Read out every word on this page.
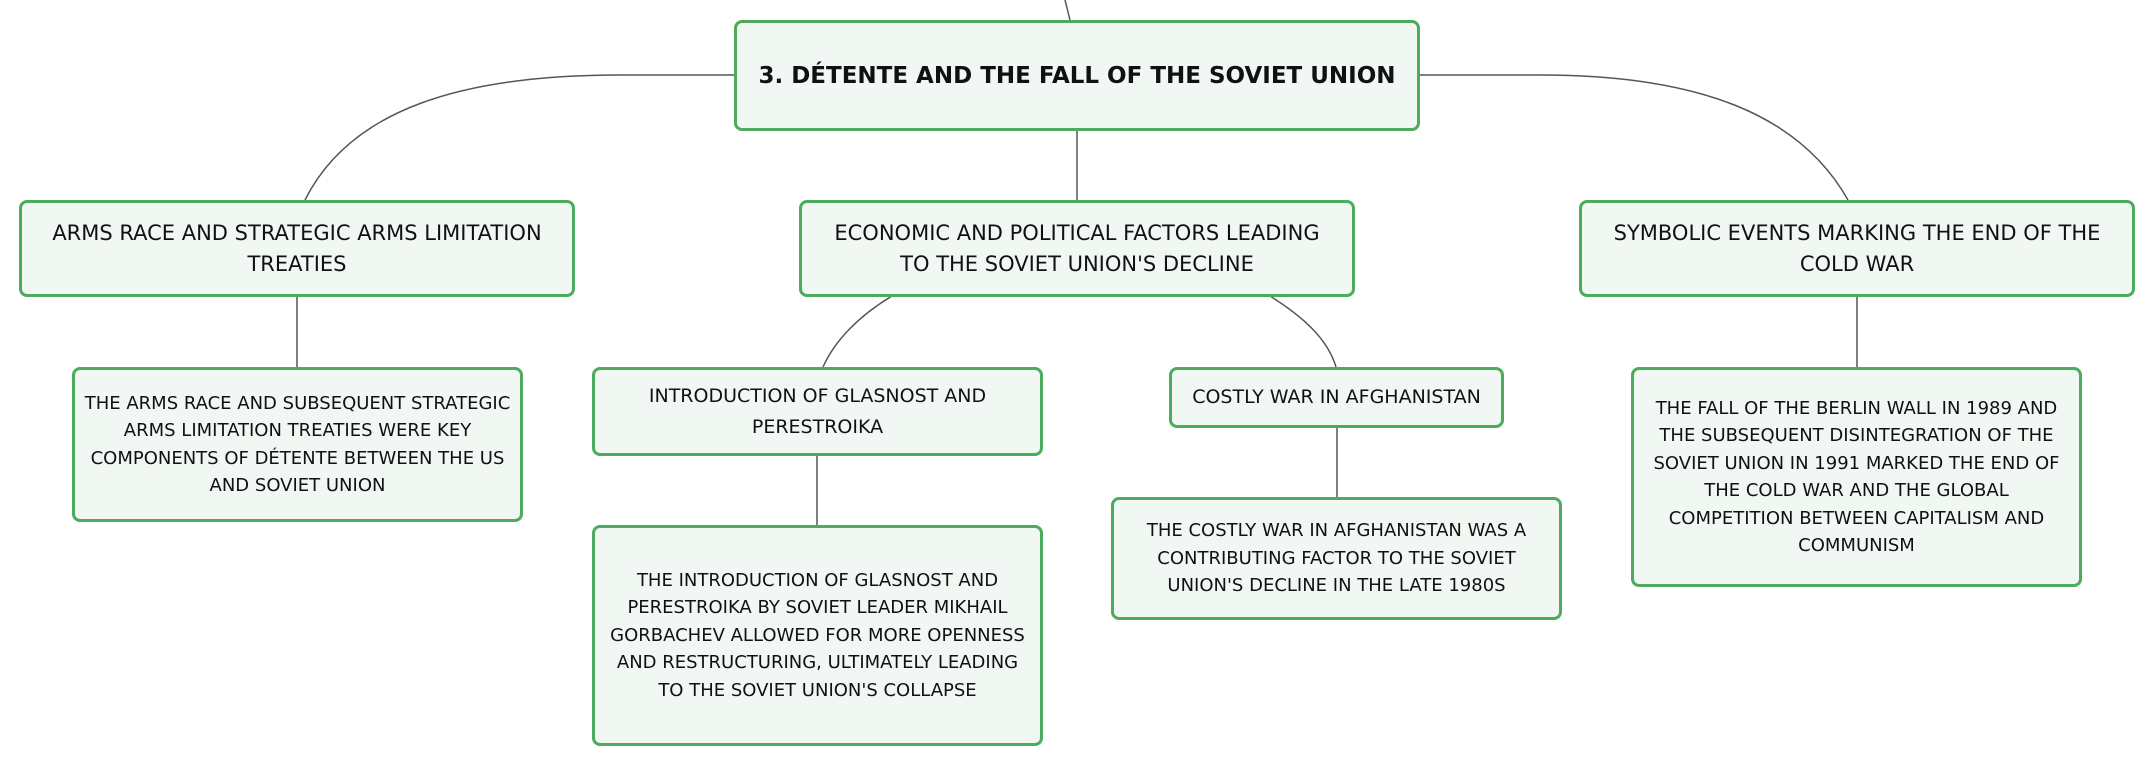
3. DÉTENTE AND THE FALL OF THE SOVIET UNION
ARMS RACE AND STRATEGIC ARMS LIMITATION TREATIES
ECONOMIC AND POLITICAL FACTORS LEADING TO THE SOVIET UNION'S DECLINE
SYMBOLIC EVENTS MARKING THE END OF THE COLD WAR
THE ARMS RACE AND SUBSEQUENT STRATEGIC ARMS LIMITATION TREATIES WERE KEY COMPONENTS OF DÉTENTE BETWEEN THE US AND SOVIET UNION
INTRODUCTION OF GLASNOST AND PERESTROIKA
THE INTRODUCTION OF GLASNOST AND PERESTROIKA BY SOVIET LEADER MIKHAIL GORBACHEV ALLOWED FOR MORE OPENNESS AND RESTRUCTURING, ULTIMATELY LEADING TO THE SOVIET UNION'S COLLAPSE
COSTLY WAR IN AFGHANISTAN
THE COSTLY WAR IN AFGHANISTAN WAS A CONTRIBUTING FACTOR TO THE SOVIET UNION'S DECLINE IN THE LATE 1980S
THE FALL OF THE BERLIN WALL IN 1989 AND THE SUBSEQUENT DISINTEGRATION OF THE SOVIET UNION IN 1991 MARKED THE END OF THE COLD WAR AND THE GLOBAL COMPETITION BETWEEN CAPITALISM AND COMMUNISM
